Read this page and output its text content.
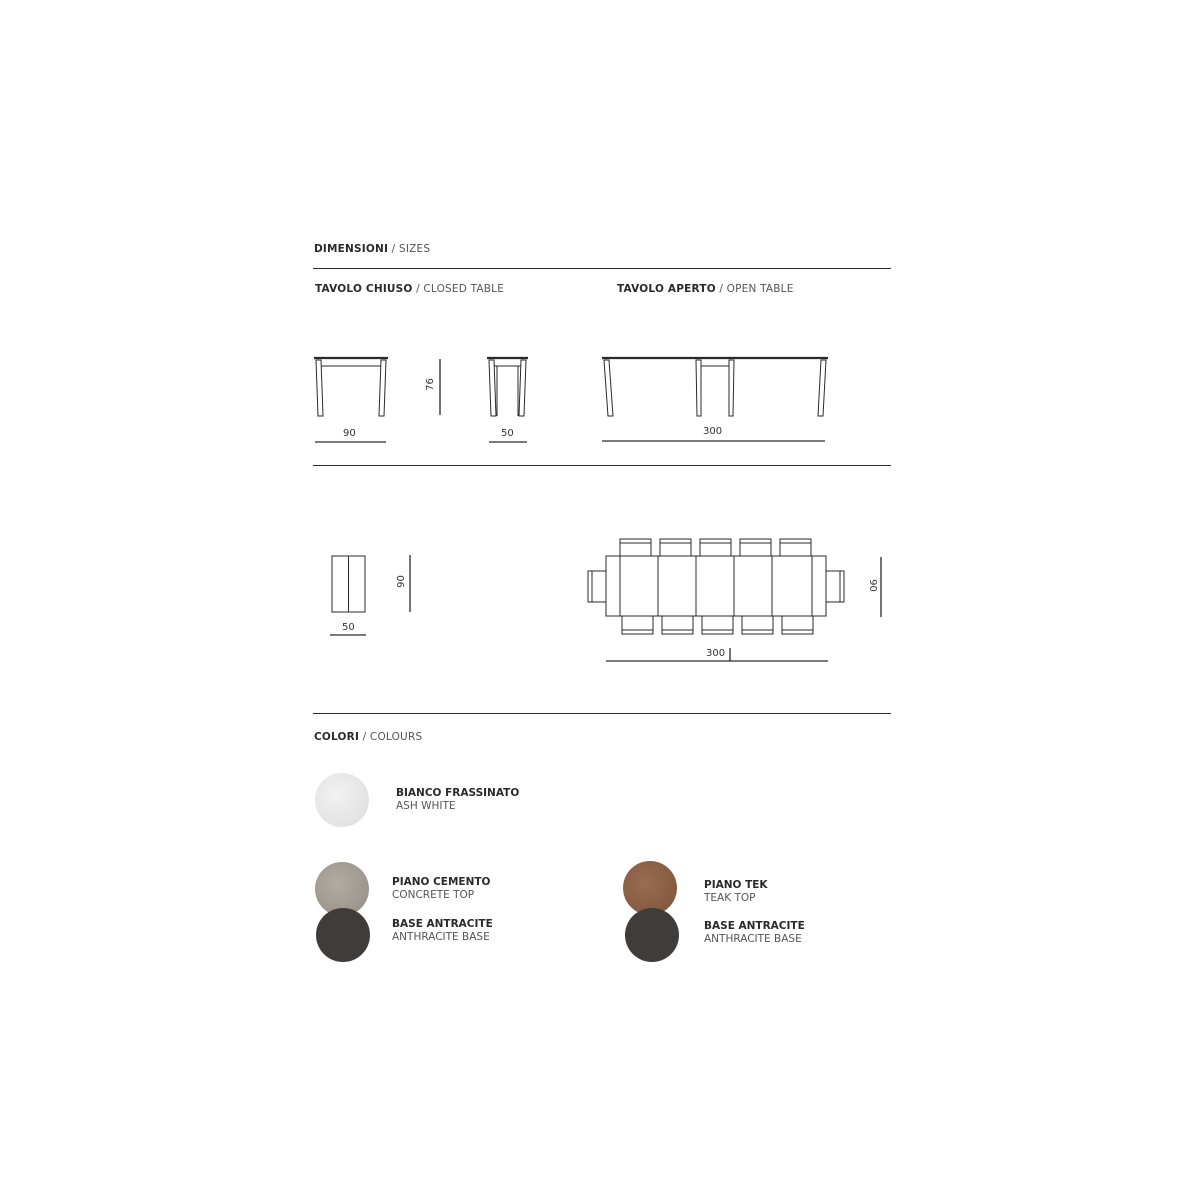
DIMENSIONI / SIZES
TAVOLO CHIUSO / CLOSED TABLE	TAVOLO APERTO / OPEN TABLE
90
76
50	300
50
90
300
90
COLORI / COLOURS
BIANCO FRASSINATO
ASH WHITE
PIANO CEMENTO
CONCRETE TOP
BASE ANTRACITE
ANTHRACITE BASE
PIANO TEK
TEAK TOP
BASE ANTRACITE
ANTHRACITE BASE
